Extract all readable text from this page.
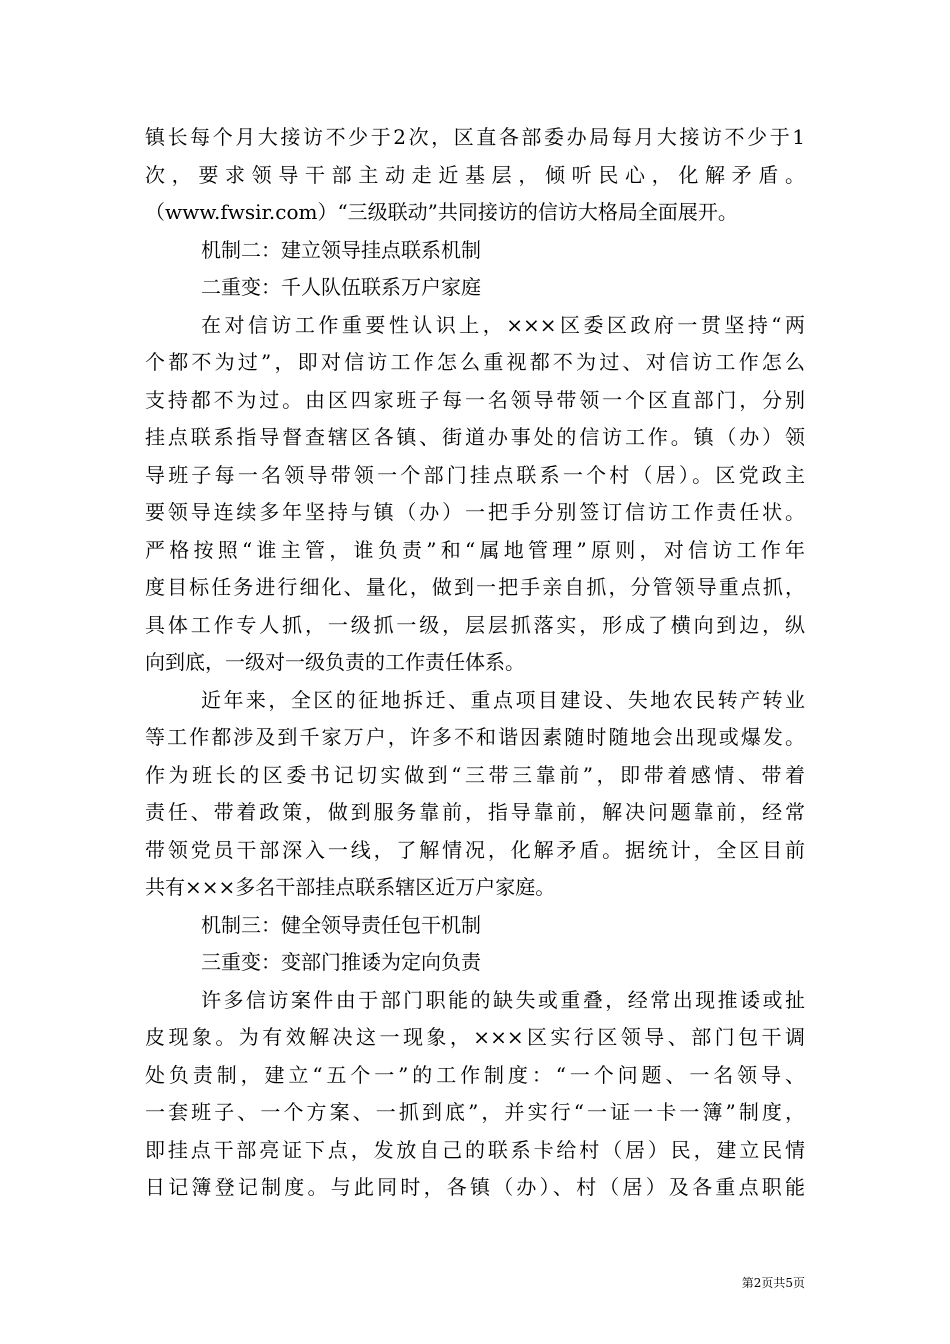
镇长每个月大接访不少于2次，区直各部委办局每月大接访不少于1
次，要求领导干部主动走近基层，倾听民心，化解矛盾。
（www.fwsir.com）“三级联动”共同接访的信访大格局全面展开。
机制二：建立领导挂点联系机制
二重变：千人队伍联系万户家庭
在对信访工作重要性认识上，×××区委区政府一贯坚持“两
个都不为过”，即对信访工作怎么重视都不为过、对信访工作怎么
支持都不为过。由区四家班子每一名领导带领一个区直部门，分别
挂点联系指导督查辖区各镇、街道办事处的信访工作。镇（办）领
导班子每一名领导带领一个部门挂点联系一个村（居）。区党政主
要领导连续多年坚持与镇（办）一把手分别签订信访工作责任状。
严格按照“谁主管，谁负责”和“属地管理”原则，对信访工作年
度目标任务进行细化、量化，做到一把手亲自抓，分管领导重点抓，
具体工作专人抓，一级抓一级，层层抓落实，形成了横向到边，纵
向到底，一级对一级负责的工作责任体系。
近年来，全区的征地拆迁、重点项目建设、失地农民转产转业
等工作都涉及到千家万户，许多不和谐因素随时随地会出现或爆发。
作为班长的区委书记切实做到“三带三靠前”，即带着感情、带着
责任、带着政策，做到服务靠前，指导靠前，解决问题靠前，经常
带领党员干部深入一线，了解情况，化解矛盾。据统计，全区目前
共有×××多名干部挂点联系辖区近万户家庭。
机制三：健全领导责任包干机制
三重变：变部门推诿为定向负责
许多信访案件由于部门职能的缺失或重叠，经常出现推诿或扯
皮现象。为有效解决这一现象，×××区实行区领导、部门包干调
处负责制，建立“五个一”的工作制度：“一个问题、一名领导、
一套班子、一个方案、一抓到底”，并实行“一证一卡一簿”制度，
即挂点干部亮证下点，发放自己的联系卡给村（居）民，建立民情
日记簿登记制度。与此同时，各镇（办）、村（居）及各重点职能
第2页共5页
